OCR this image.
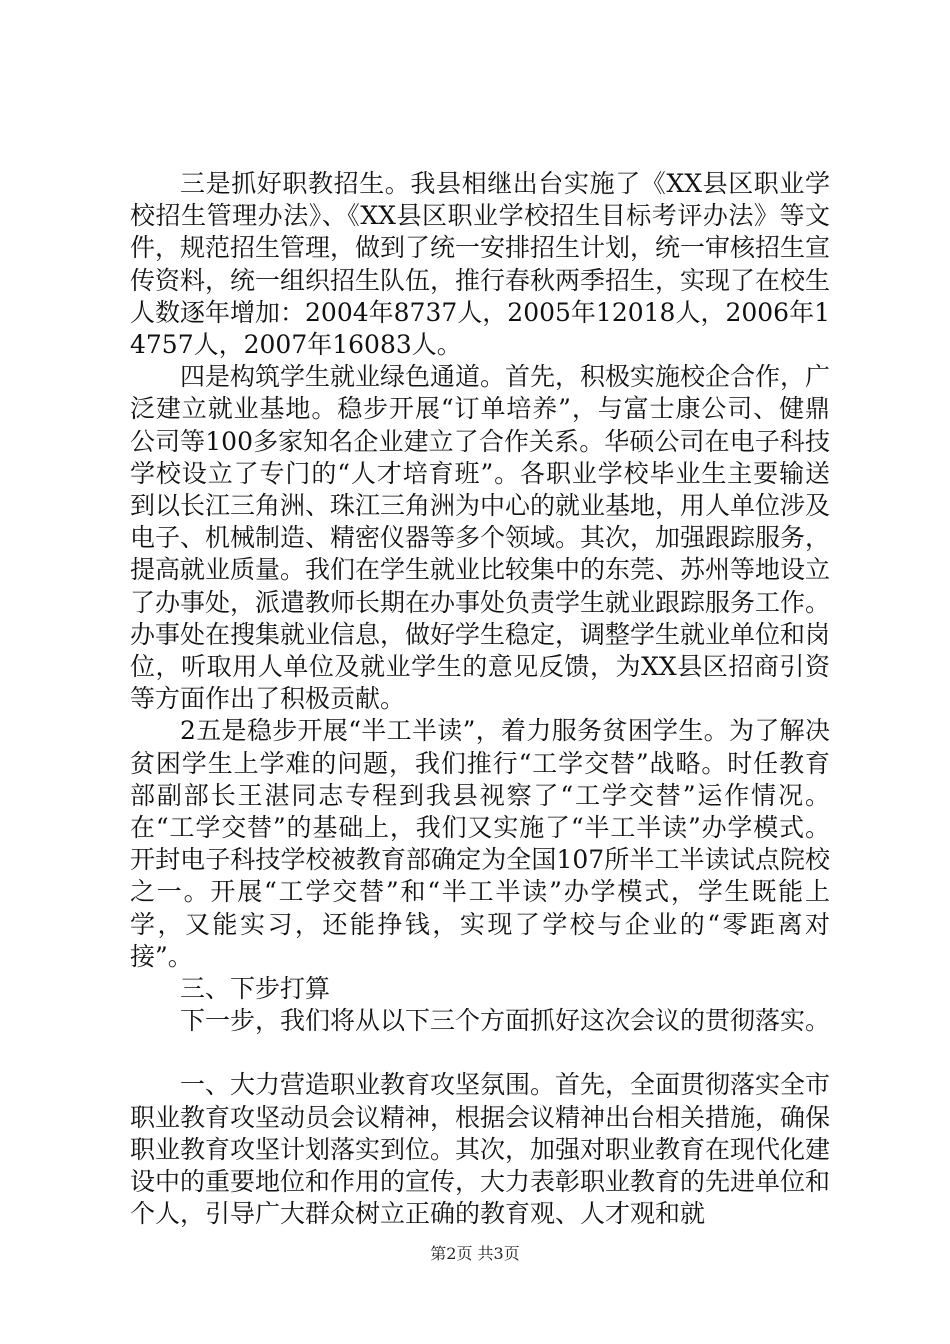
三是抓好职教招生。我县相继出台实施了《XX县区职业学校招生管理办法》、《XX县区职业学校招生目标考评办法》等文件，规范招生管理，做到了统一安排招生计划，统一审核招生宣传资料，统一组织招生队伍，推行春秋两季招生，实现了在校生人数逐年增加：2004年8737人，2005年12018人，2006年14757人，2007年16083人。

四是构筑学生就业绿色通道。首先，积极实施校企合作，广泛建立就业基地。稳步开展“订单培养”，与富士康公司、健鼎公司等100多家知名企业建立了合作关系。华硕公司在电子科技学校设立了专门的“人才培育班”。各职业学校毕业生主要输送到以长江三角洲、珠江三角洲为中心的就业基地，用人单位涉及电子、机械制造、精密仪器等多个领域。其次，加强跟踪服务，提高就业质量。我们在学生就业比较集中的东莞、苏州等地设立了办事处，派遣教师长期在办事处负责学生就业跟踪服务工作。办事处在搜集就业信息，做好学生稳定，调整学生就业单位和岗位，听取用人单位及就业学生的意见反馈，为XX县区招商引资等方面作出了积极贡献。

2五是稳步开展“半工半读”，着力服务贫困学生。为了解决贫困学生上学难的问题，我们推行“工学交替”战略。时任教育部副部长王湛同志专程到我县视察了“工学交替”运作情况。在“工学交替”的基础上，我们又实施了“半工半读”办学模式。开封电子科技学校被教育部确定为全国107所半工半读试点院校之一。开展“工学交替”和“半工半读”办学模式，学生既能上学，又能实习，还能挣钱，实现了学校与企业的“零距离对接”。

三、下步打算

下一步，我们将从以下三个方面抓好这次会议的贯彻落实。

一、大力营造职业教育攻坚氛围。首先，全面贯彻落实全市职业教育攻坚动员会议精神，根据会议精神出台相关措施，确保职业教育攻坚计划落实到位。其次，加强对职业教育在现代化建设中的重要地位和作用的宣传，大力表彰职业教育的先进单位和个人，引导广大群众树立正确的教育观、人才观和就

第2页 共3页
